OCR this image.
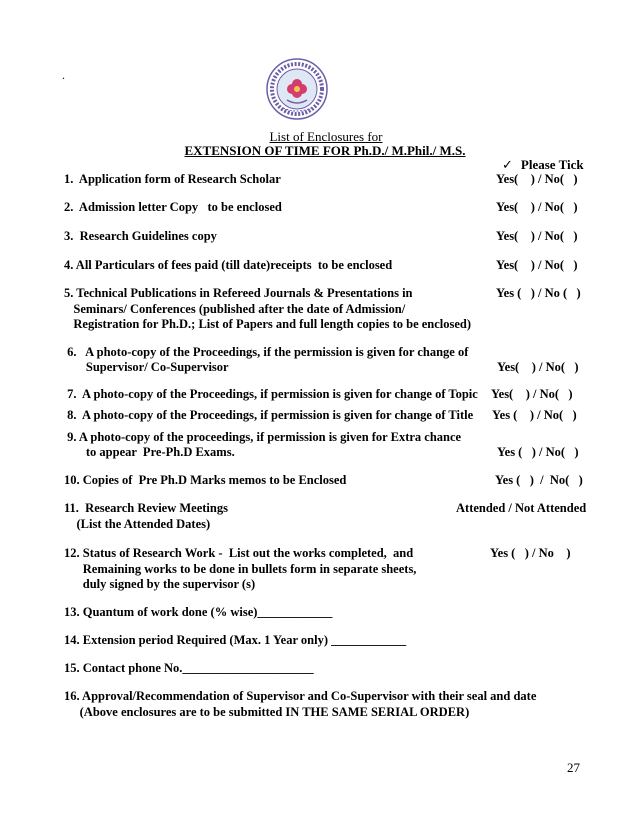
.
List of Enclosures for
EXTENSION OF TIME FOR Ph.D./ M.Phil./ M.S.
✓ Please Tick
1.  Application form of Research Scholar	Yes(    ) / No(   )
2.  Admission letter Copy   to be enclosed	Yes(    ) / No(   )
3.  Research Guidelines copy	Yes(    ) / No(   )
4. All Particulars of fees paid (till date)receipts  to be enclosed	Yes(    ) / No(   )
5. Technical Publications in Refereed Journals & Presentations in
Seminars/ Conferences (published after the date of Admission/
Registration for Ph.D.; List of Papers and full length copies to be enclosed)
Yes (   ) / No (   )
6.   A photo-copy of the Proceedings, if the permission is given for change of
Supervisor/ Co-Supervisor	Yes(    ) / No(   )
7.  A photo-copy of the Proceedings, if permission is given for change of Topic Yes(    ) / No(   )
8.  A photo-copy of the Proceedings, if permission is given for change of Title Yes (    ) / No(   )
9. A photo-copy of the proceedings, if permission is given for Extra chance
to appear  Pre-Ph.D Exams.	Yes (   ) / No(   )
10. Copies of  Pre Ph.D Marks memos to be Enclosed	Yes (   )  /  No(   )
11.  Research Review Meetings
(List the Attended Dates)
Attended / Not Attended
12. Status of Research Work -  List out the works completed,  and
Remaining works to be done in bullets form in separate sheets,
duly signed by the supervisor (s)
Yes (   ) / No    )
13. Quantum of work done (% wise)____________
14. Extension period Required (Max. 1 Year only) ____________
15. Contact phone No._____________________
16. Approval/Recommendation of Supervisor and Co-Supervisor with their seal and date
(Above enclosures are to be submitted IN THE SAME SERIAL ORDER)
27
